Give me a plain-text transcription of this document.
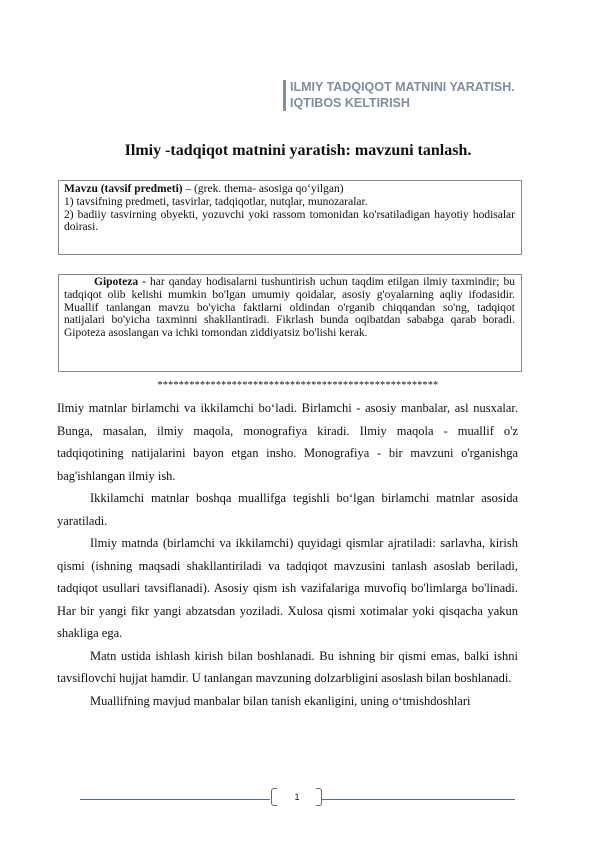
ILMIY TADQIQOT MATNINI YARATISH.
IQTIBOS KELTIRISH
Ilmiy -tadqiqot matnini yaratish: mavzuni tanlash.

Mavzu (tavsif predmeti) – (grek. thema- asosiga qo‘yilgan)

1) tavsifning predmeti, tasvirlar, tadqiqotlar, nutqlar, munozaralar.

2) badiiy tasvirning obyekti, yozuvchi yoki rassom tomonidan ko'rsatiladigan hayotiy hodisalar doirasi.

Gipoteza - har qanday hodisalarni tushuntirish uchun taqdim etilgan ilmiy taxmindir; bu tadqiqot olib kelishi mumkin bo'lgan umumiy qoidalar, asosiy g'oyalarning aqliy ifodasidir. Muallif tanlangan mavzu bo'yicha faktlarni oldindan o'rganib chiqqandan so'ng, tadqiqot natijalari bo'yicha taxminni shakllantiradi. Fikrlash bunda oqibatdan sababga qarab boradi. Gipoteza asoslangan va ichki tomondan ziddiyatsiz bo'lishi kerak.

*****************************************************

Ilmiy matnlar birlamchi va ikkilamchi bo‘ladi. Birlamchi - asosiy manbalar, asl nusxalar. Bunga, masalan, ilmiy maqola, monografiya kiradi. Ilmiy maqola - muallif o'z tadqiqotining natijalarini bayon etgan insho. Monografiya - bir mavzuni o'rganishga bag'ishlangan ilmiy ish.

Ikkilamchi matnlar boshqa muallifga tegishli bo‘lgan birlamchi matnlar asosida yaratiladi.

Ilmiy matnda (birlamchi va ikkilamchi) quyidagi qismlar ajratiladi: sarlavha, kirish qismi (ishning maqsadi shakllantiriladi va tadqiqot mavzusini tanlash asoslab beriladi, tadqiqot usullari tavsiflanadi). Asosiy qism ish vazifalariga muvofiq bo'limlarga bo'linadi. Har bir yangi fikr yangi abzatsdan yoziladi. Xulosa qismi xotimalar yoki qisqacha yakun shakliga ega.

Matn ustida ishlash kirish bilan boshlanadi. Bu ishning bir qismi emas, balki ishni tavsiflovchi hujjat hamdir. U tanlangan mavzuning dolzarbligini asoslash bilan boshlanadi.

Muallifning mavjud manbalar bilan tanish ekanligini, uning o‘tmishdoshlari

1
